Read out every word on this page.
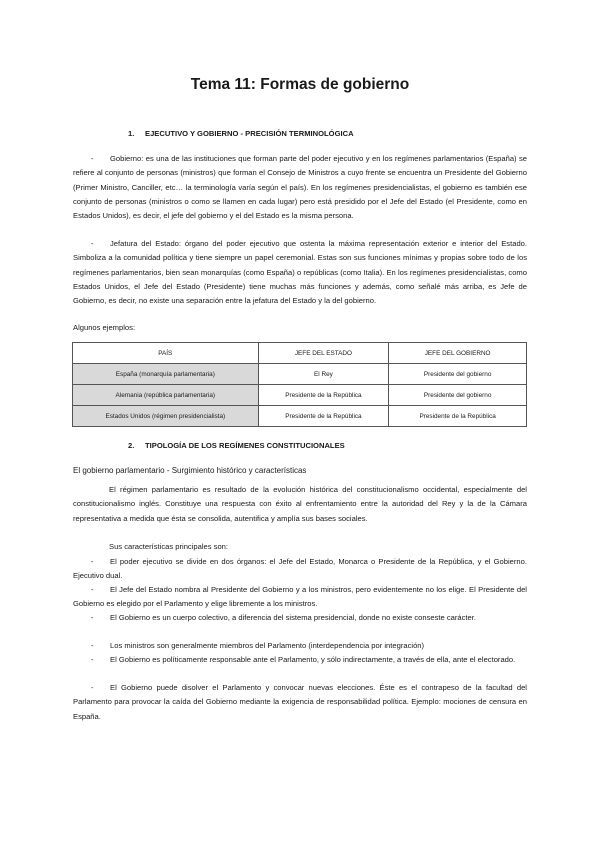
Tema 11: Formas de gobierno
1. EJECUTIVO Y GOBIERNO - PRECISIÓN TERMINOLÓGICA

- Gobierno: es una de las instituciones que forman parte del poder ejecutivo y en los regímenes parlamentarios (España) se refiere al conjunto de personas (ministros) que forman el Consejo de Ministros a cuyo frente se encuentra un Presidente del Gobierno (Primer Ministro, Canciller, etc… la terminología varía según el país). En los regímenes presidencialistas, el gobierno es también ese conjunto de personas (ministros o como se llamen en cada lugar) pero está presidido por el Jefe del Estado (el Presidente, como en Estados Unidos), es decir, el jefe del gobierno y el del Estado es la misma persona.

- Jefatura del Estado: órgano del poder ejecutivo que ostenta la máxima representación exterior e interior del Estado. Simboliza a la comunidad política y tiene siempre un papel ceremonial. Estas son sus funciones mínimas y propias sobre todo de los regímenes parlamentarios, bien sean monarquías (como España) o repúblicas (como Italia). En los regímenes presidencialistas, como Estados Unidos, el Jefe del Estado (Presidente) tiene muchas más funciones y además, como señalé más arriba, es Jefe de Gobierno, es decir, no existe una separación entre la jefatura del Estado y la del gobierno.

Algunos ejemplos:

PAÍS	JEFE DEL ESTADO	JEFE DEL GOBIERNO
España (monarquía parlamentaria)	El Rey	Presidente del gobierno
Alemania (república parlamentaria)	Presidente de la República	Presidente del gobierno
Estados Unidos (régimen presidencialista)	Presidente de la República	Presidente de la República
2. TIPOLOGÍA DE LOS REGÍMENES CONSTITUCIONALES
El gobierno parlamentario - Surgimiento histórico y características

El régimen parlamentario es resultado de la evolución histórica del constitucionalismo occidental, especialmente del constitucionalismo inglés. Constituye una respuesta con éxito al enfrentamiento entre la autoridad del Rey y la de la Cámara representativa a medida que ésta se consolida, autentifica y amplía sus bases sociales.

Sus características principales son:

- El poder ejecutivo se divide en dos órganos: el Jefe del Estado, Monarca o Presidente de la República, y el Gobierno. Ejecutivo dual.

- El Jefe del Estado nombra al Presidente del Gobierno y a los ministros, pero evidentemente no los elige. El Presidente del Gobierno es elegido por el Parlamento y elige libremente a los ministros.

- El Gobierno es un cuerpo colectivo, a diferencia del sistema presidencial, donde no existe conseste carácter.

- Los ministros son generalmente miembros del Parlamento (interdependencia por integración)

- El Gobierno es políticamente responsable ante el Parlamento, y sólo indirectamente, a través de ella, ante el electorado.

- El Gobierno puede disolver el Parlamento y convocar nuevas elecciones. Éste es el contrapeso de la facultad del Parlamento para provocar la caída del Gobierno mediante la exigencia de responsabilidad política. Ejemplo: mociones de censura en España.
